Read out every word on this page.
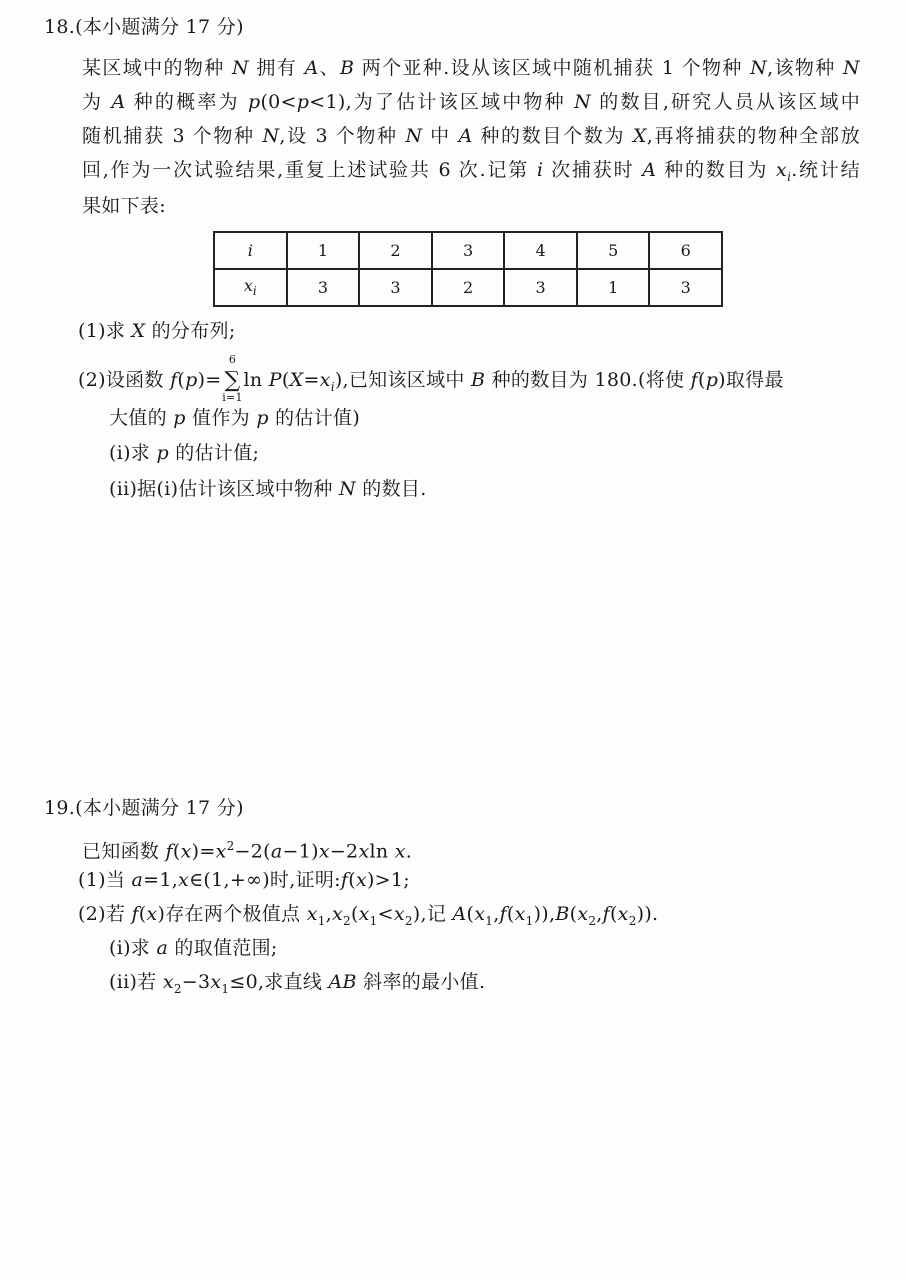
18.(本小题满分 17 分)
某区域中的物种 N 拥有 A、B 两个亚种.设从该区域中随机捕获 1 个物种 N,该物种 N
为 A 种的概率为 p(0<p<1),为了估计该区域中物种 N 的数目,研究人员从该区域中
随机捕获 3 个物种 N,设 3 个物种 N 中 A 种的数目个数为 X,再将捕获的物种全部放
回,作为一次试验结果,重复上述试验共 6 次.记第 i 次捕获时 A 种的数目为 $x_i$.统计结
果如下表:
i	1	2	3	4	5	6
$x_i$	3	3	2	3	1	3
(1)求 X 的分布列;
(2)设函数 f(p)=
6
∑
i=1
$\ln P(X=x_i)$,已知该区域中 B 种的数目为 180.(将使 f(p)取得最
大值的 p 值作为 p 的估计值)
(i)求 p 的估计值;
(ii)据(i)估计该区域中物种 N 的数目.
19.(本小题满分 17 分)
已知函数 $f(x)=x^2-2(a-1)x-2xln$ x.
(1)当 a=1,x∈(1,+∞)时,证明:f(x)>1;
(2)若 f(x)存在两个极值点 $x_1,x_2(x_1<x_2)$,记 $A(x_1,f(x_1)),B(x_2,f(x_2))$.
(i)求 a 的取值范围;
(ii)若 $x_2-3x_1\le 0$,求直线 AB 斜率的最小值.
